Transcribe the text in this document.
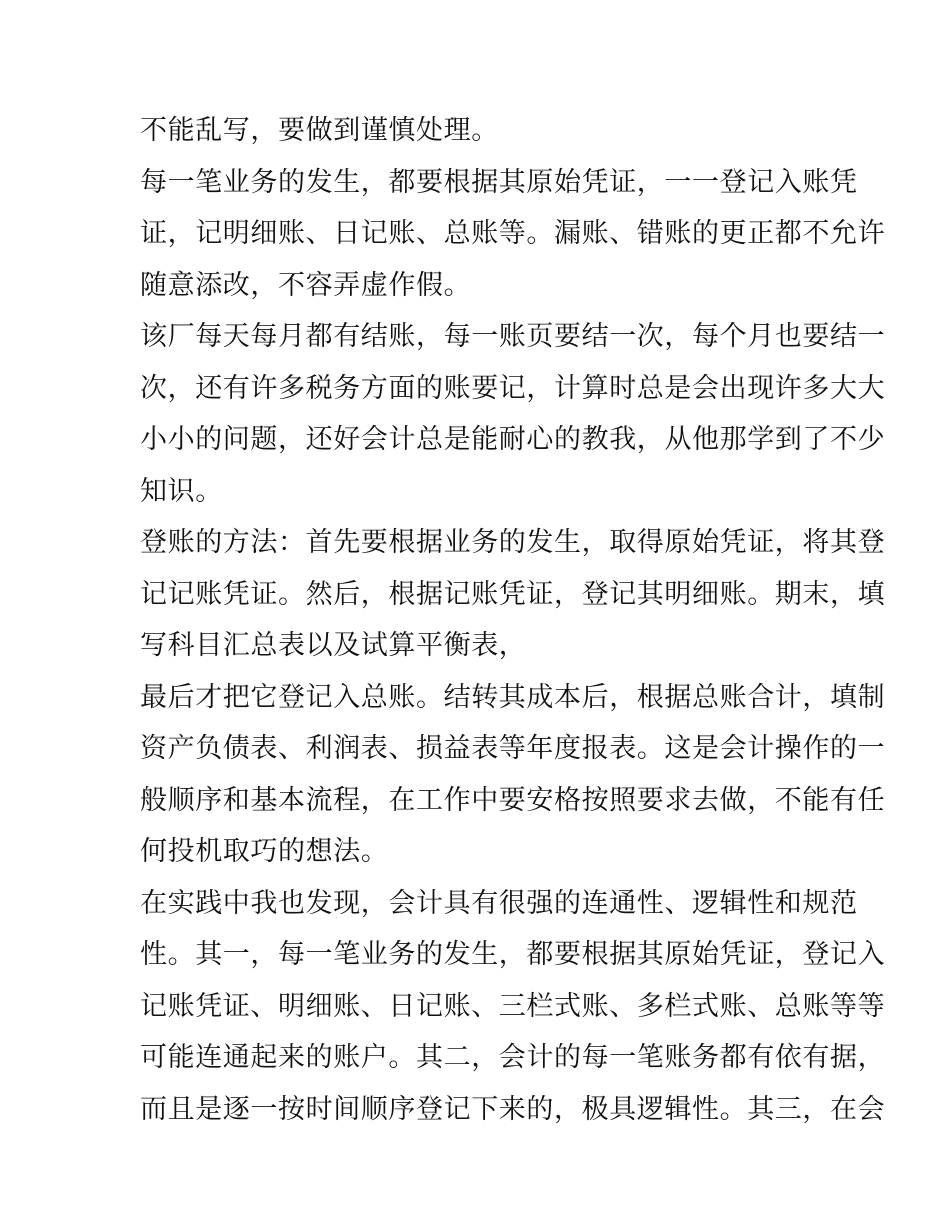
不能乱写，要做到谨慎处理。
每一笔业务的发生，都要根据其原始凭证，一一登记入账凭
证，记明细账、日记账、总账等。漏账、错账的更正都不允许
随意添改，不容弄虚作假。
该厂每天每月都有结账，每一账页要结一次，每个月也要结一
次，还有许多税务方面的账要记，计算时总是会出现许多大大
小小的问题，还好会计总是能耐心的教我，从他那学到了不少
知识。
登账的方法：首先要根据业务的发生，取得原始凭证，将其登
记记账凭证。然后，根据记账凭证，登记其明细账。期末，填
写科目汇总表以及试算平衡表，
最后才把它登记入总账。结转其成本后，根据总账合计，填制
资产负债表、利润表、损益表等年度报表。这是会计操作的一
般顺序和基本流程，在工作中要安格按照要求去做，不能有任
何投机取巧的想法。
在实践中我也发现，会计具有很强的连通性、逻辑性和规范
性。其一，每一笔业务的发生，都要根据其原始凭证，登记入
记账凭证、明细账、日记账、三栏式账、多栏式账、总账等等
可能连通起来的账户。其二，会计的每一笔账务都有依有据，
而且是逐一按时间顺序登记下来的，极具逻辑性。其三，在会
